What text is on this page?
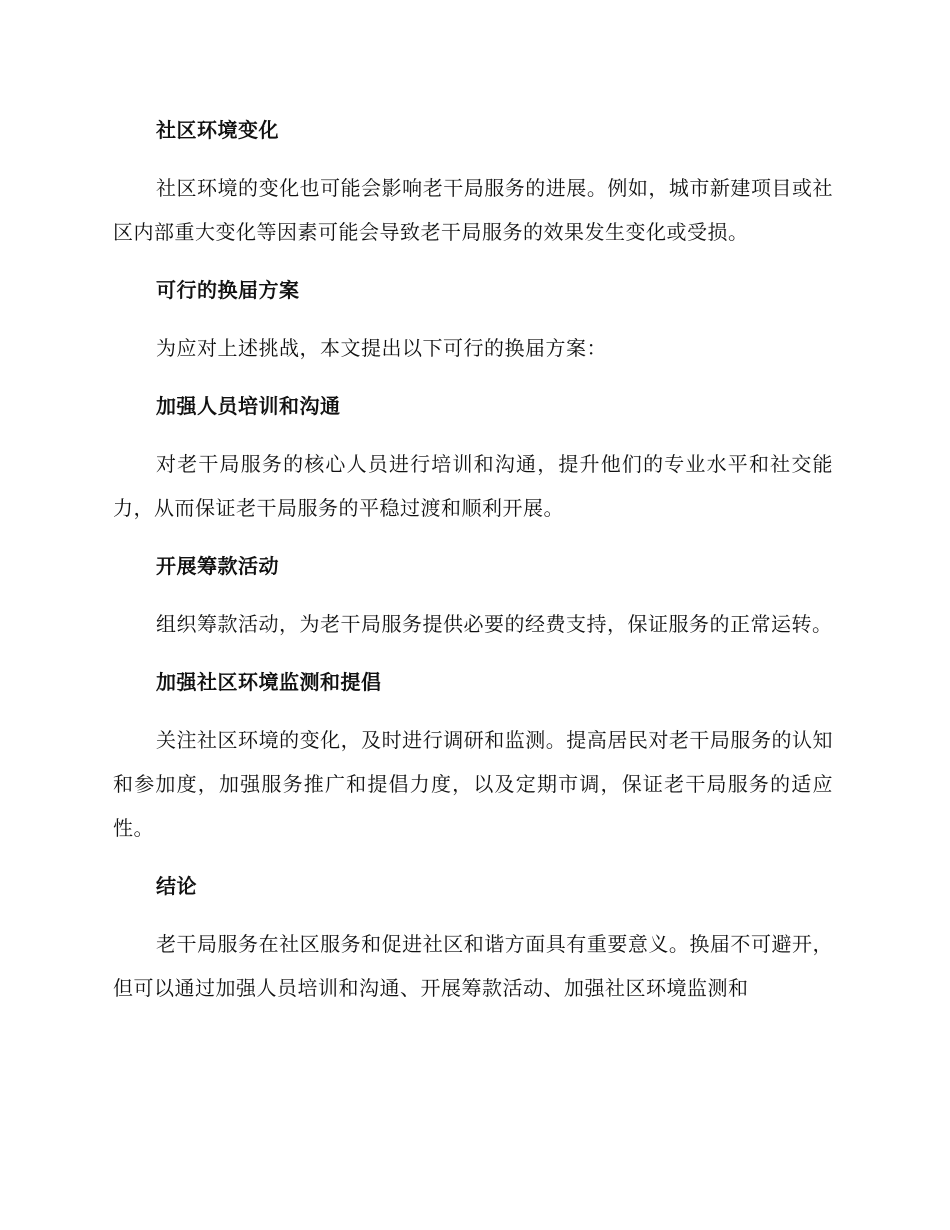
社区环境变化
社区环境的变化也可能会影响老干局服务的进展。例如，城市新建项目或社区内部重大变化等因素可能会导致老干局服务的效果发生变化或受损。
可行的换届方案
为应对上述挑战，本文提出以下可行的换届方案：
加强人员培训和沟通
对老干局服务的核心人员进行培训和沟通，提升他们的专业水平和社交能力，从而保证老干局服务的平稳过渡和顺利开展。
开展筹款活动
组织筹款活动，为老干局服务提供必要的经费支持，保证服务的正常运转。
加强社区环境监测和提倡
关注社区环境的变化，及时进行调研和监测。提高居民对老干局服务的认知和参加度，加强服务推广和提倡力度，以及定期市调，保证老干局服务的适应性。
结论
老干局服务在社区服务和促进社区和谐方面具有重要意义。换届不可避开，但可以通过加强人员培训和沟通、开展筹款活动、加强社区环境监测和
